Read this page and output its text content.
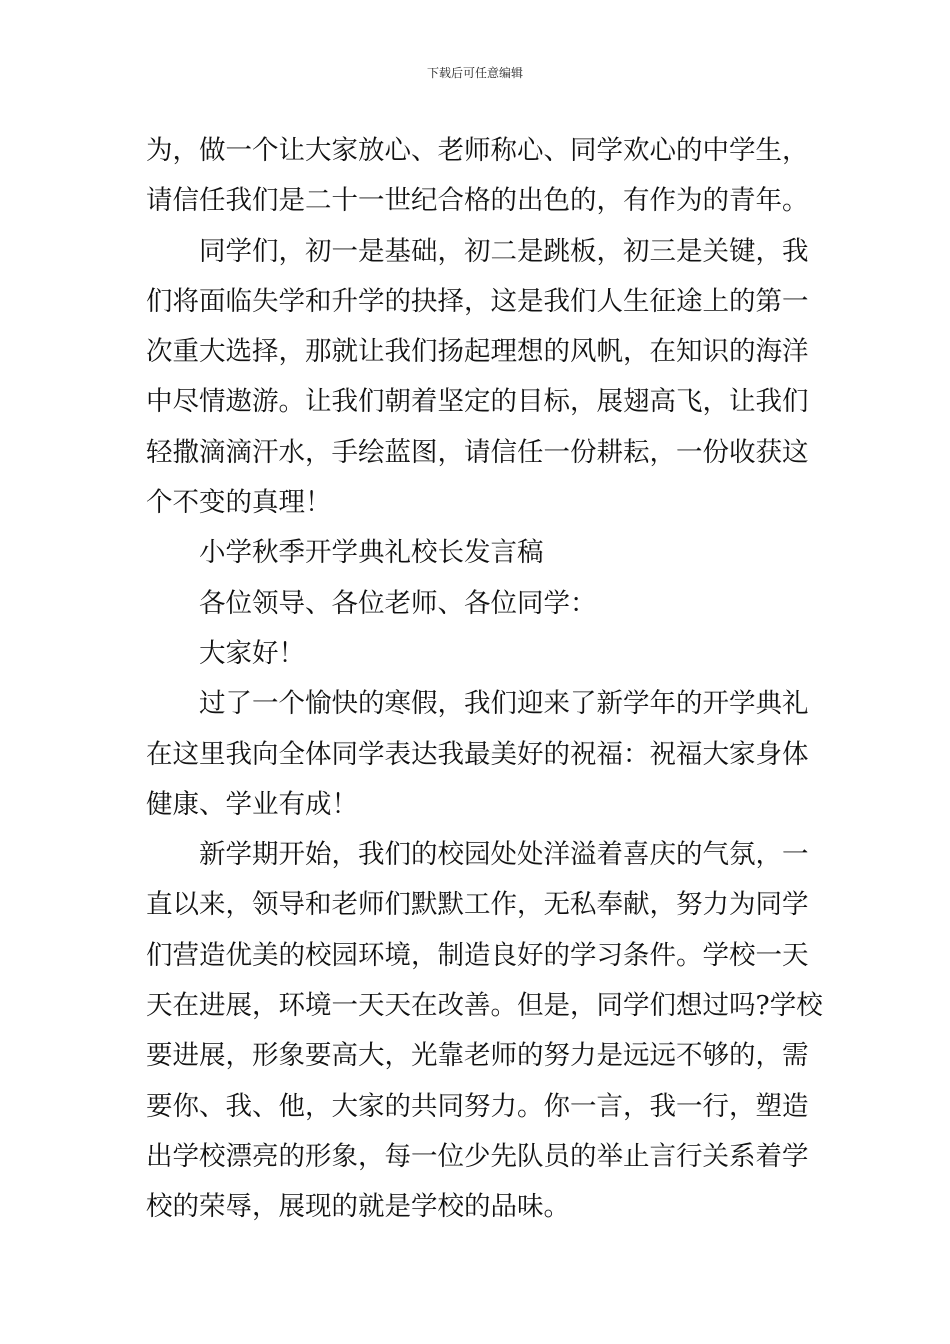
下载后可任意编辑
为，做一个让大家放心、老师称心、同学欢心的中学生，
请信任我们是二十一世纪合格的出色的，有作为的青年。
同学们，初一是基础，初二是跳板，初三是关键，我
们将面临失学和升学的抉择，这是我们人生征途上的第一
次重大选择，那就让我们扬起理想的风帆，在知识的海洋
中尽情遨游。让我们朝着坚定的目标，展翅高飞，让我们
轻撒滴滴汗水，手绘蓝图，请信任一份耕耘，一份收获这
个不变的真理！
小学秋季开学典礼校长发言稿
各位领导、各位老师、各位同学：
大家好！
过了一个愉快的寒假，我们迎来了新学年的开学典礼
在这里我向全体同学表达我最美好的祝福：祝福大家身体
健康、学业有成！
新学期开始，我们的校园处处洋溢着喜庆的气氛，一
直以来，领导和老师们默默工作，无私奉献，努力为同学
们营造优美的校园环境，制造良好的学习条件。学校一天
天在进展，环境一天天在改善。但是，同学们想过吗?学校
要进展，形象要高大，光靠老师的努力是远远不够的，需
要你、我、他，大家的共同努力。你一言，我一行，塑造
出学校漂亮的形象，每一位少先队员的举止言行关系着学
校的荣辱，展现的就是学校的品味。
